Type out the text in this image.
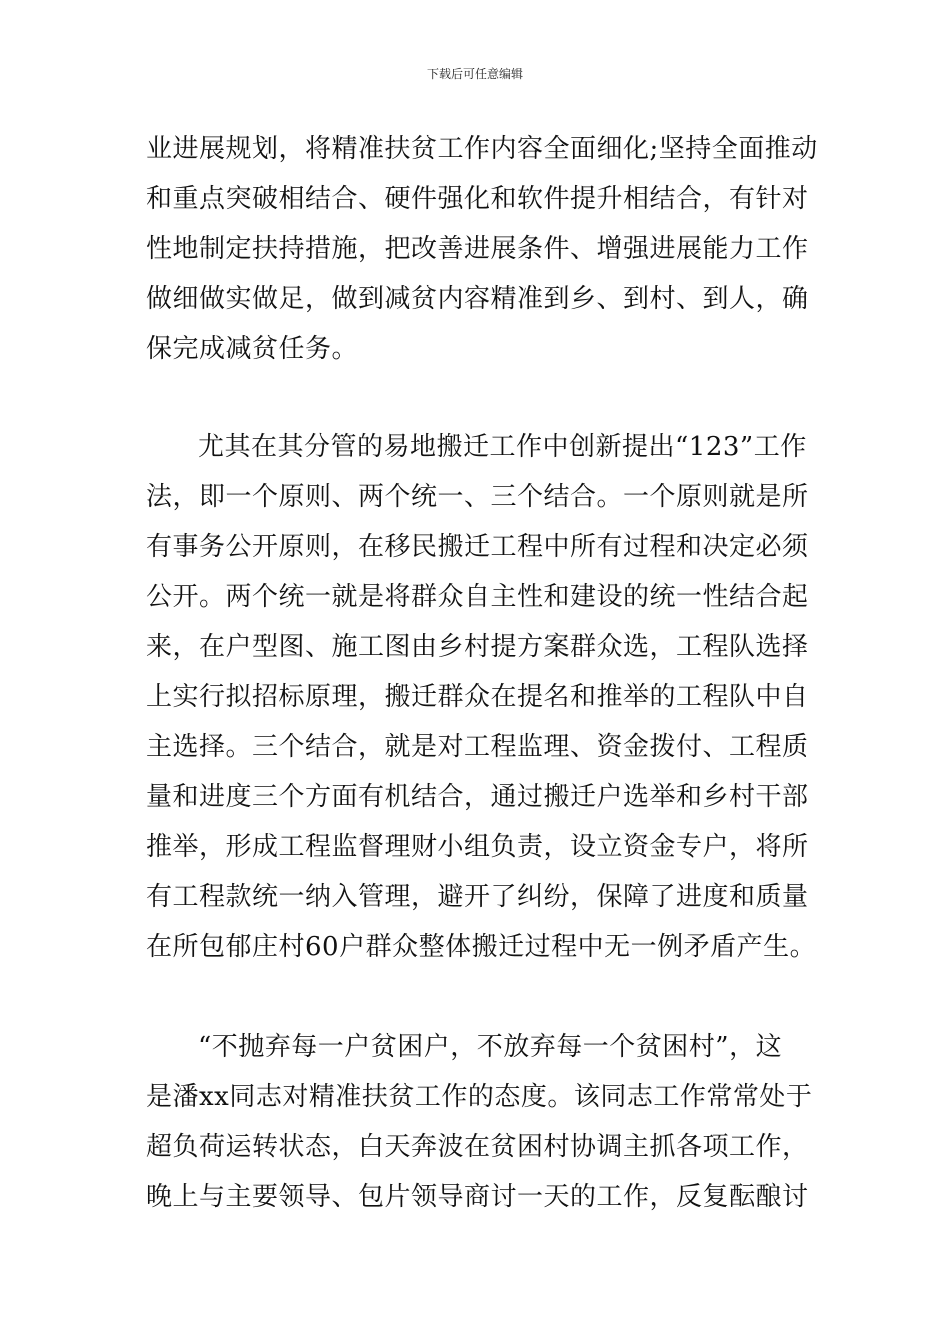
下载后可任意编辑
业进展规划，将精准扶贫工作内容全面细化;坚持全面推动
和重点突破相结合、硬件强化和软件提升相结合，有针对
性地制定扶持措施，把改善进展条件、增强进展能力工作
做细做实做足，做到减贫内容精准到乡、到村、到人，确
保完成减贫任务。
尤其在其分管的易地搬迁工作中创新提出“123”工作
法，即一个原则、两个统一、三个结合。一个原则就是所
有事务公开原则，在移民搬迁工程中所有过程和决定必须
公开。两个统一就是将群众自主性和建设的统一性结合起
来，在户型图、施工图由乡村提方案群众选，工程队选择
上实行拟招标原理，搬迁群众在提名和推举的工程队中自
主选择。三个结合，就是对工程监理、资金拨付、工程质
量和进度三个方面有机结合，通过搬迁户选举和乡村干部
推举，形成工程监督理财小组负责，设立资金专户，将所
有工程款统一纳入管理，避开了纠纷，保障了进度和质量
在所包郁庄村60户群众整体搬迁过程中无一例矛盾产生。
“不抛弃每一户贫困户，不放弃每一个贫困村”，这
是潘xx同志对精准扶贫工作的态度。该同志工作常常处于
超负荷运转状态，白天奔波在贫困村协调主抓各项工作，
晚上与主要领导、包片领导商讨一天的工作，反复酝酿讨
